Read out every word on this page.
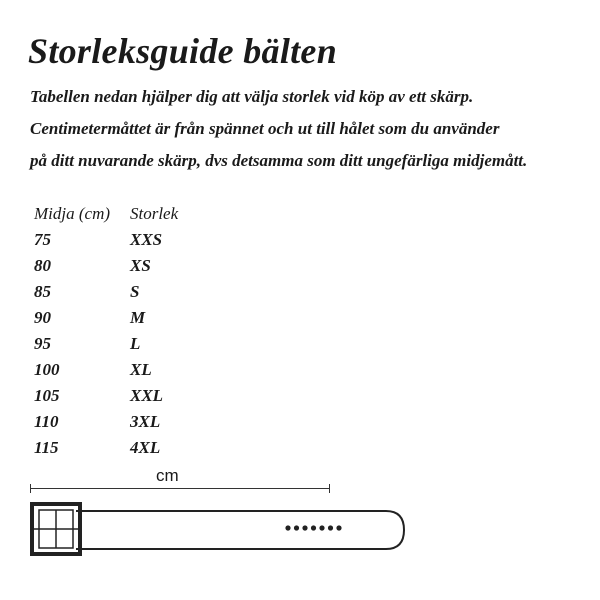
Storleksguide bälten
Tabellen nedan hjälper dig att välja storlek vid köp av ett skärp.
Centimetermåttet är från spännet och ut till hålet som du använder
på ditt nuvarande skärp, dvs detsamma som ditt ungefärliga midjemått.
Midja (cm)	Storlek
75	XXS
80	XS
85	S
90	M
95	L
100	XL
105	XXL
110	3XL
115	4XL
cm
